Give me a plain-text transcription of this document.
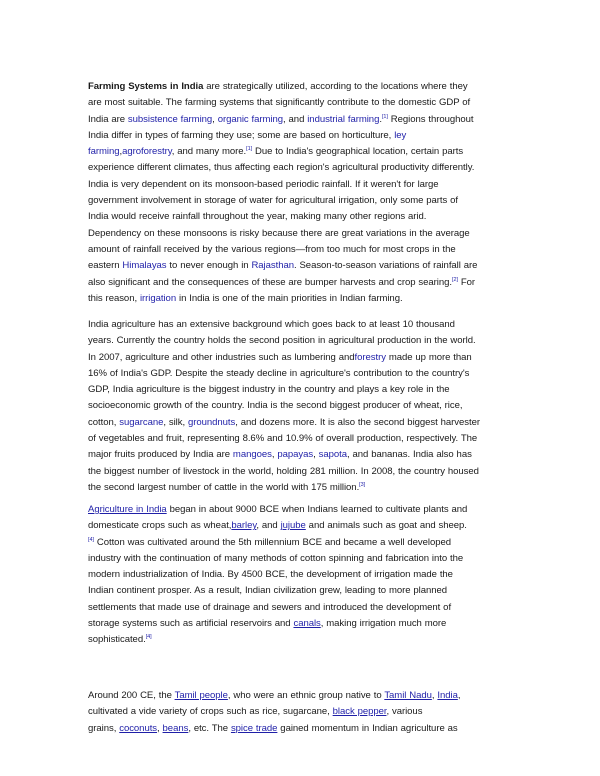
Farming Systems in India are strategically utilized, according to the locations where they
are most suitable. The farming systems that significantly contribute to the domestic GDP of
India are subsistence farming, organic farming, and industrial farming.[1] Regions throughout
India differ in types of farming they use; some are based on horticulture, ley
farming,agroforestry, and many more.[1] Due to India's geographical location, certain parts
experience different climates, thus affecting each region's agricultural productivity differently.
India is very dependent on its monsoon-based periodic rainfall. If it weren't for large
government involvement in storage of water for agricultural irrigation, only some parts of
India would receive rainfall throughout the year, making many other regions arid.
Dependency on these monsoons is risky because there are great variations in the average
amount of rainfall received by the various regions—from too much for most crops in the
eastern Himalayas to never enough in Rajasthan. Season-to-season variations of rainfall are
also significant and the consequences of these are bumper harvests and crop searing.[2] For
this reason, irrigation in India is one of the main priorities in Indian farming.
India agriculture has an extensive background which goes back to at least 10 thousand
years. Currently the country holds the second position in agricultural production in the world.
In 2007, agriculture and other industries such as lumbering andforestry made up more than
16% of India's GDP. Despite the steady decline in agriculture's contribution to the country's
GDP, India agriculture is the biggest industry in the country and plays a key role in the
socioeconomic growth of the country. India is the second biggest producer of wheat, rice,
cotton, sugarcane, silk, groundnuts, and dozens more. It is also the second biggest harvester
of vegetables and fruit, representing 8.6% and 10.9% of overall production, respectively. The
major fruits produced by India are mangoes, papayas, sapota, and bananas. India also has
the biggest number of livestock in the world, holding 281 million. In 2008, the country housed
the second largest number of cattle in the world with 175 million.[3]
Agriculture in India began in about 9000 BCE when Indians learned to cultivate plants and
domesticate crops such as wheat,barley, and jujube and animals such as goat and sheep.
[4] Cotton was cultivated around the 5th millennium BCE and became a well developed
industry with the continuation of many methods of cotton spinning and fabrication into the
modern industrialization of India. By 4500 BCE, the development of irrigation made the
Indian continent prosper. As a result, Indian civilization grew, leading to more planned
settlements that made use of drainage and sewers and introduced the development of
storage systems such as artificial reservoirs and canals, making irrigation much more
sophisticated.[4]
Around 200 CE, the Tamil people, who were an ethnic group native to Tamil Nadu, India,
cultivated a vide variety of crops such as rice, sugarcane, black pepper, various
grains, coconuts, beans, etc. The spice trade gained momentum in Indian agriculture as
